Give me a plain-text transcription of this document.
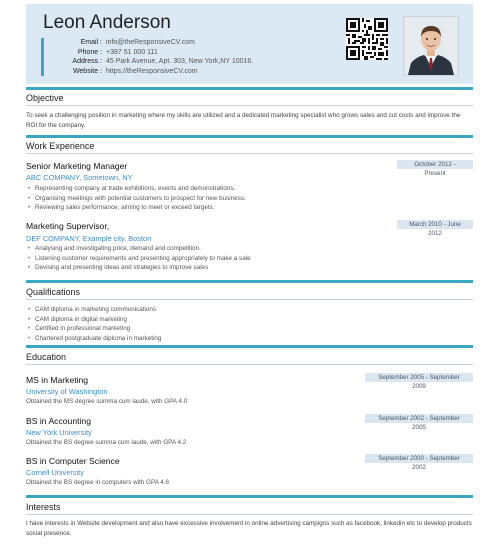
Leon Anderson
Email : info@theResponsiveCV.com
Phone : +387 51 000 111
Address : 45 Park Avenue, Apt. 303, New York,NY 10016.
Website : https://theResponsiveCV.com
Objective
To seek a challenging position in marketing where my skills are utilized and a dedicated marketing specialist who grows sales and cut costs and improve the ROI for the company.
Work Experience
Senior Marketing Manager	October 2012 - Present
ABC COMPANY, Sometown, NY
• Representing company at trade exhibitions, events and demonstrations.
• Organising meetings with potential customers to prospect for new business.
• Reviewing sales performance, aiming to meet or exceed targets.
Marketing Supervisor,	March 2010 - June 2012
DEF COMPANY, Example city, Boston
• Analysing and investigating price, demand and competition.
• Listening customer requirements and presenting appropriately to make a sale
• Devising and presenting ideas and strategies to improve sales
Qualifications
• CAM diploma in marketing communications
• CAM diploma in digital marketing
• Certified in professional marketing
• Chartered postgraduate diploma in marketing
Education
MS in Marketing	September 2005 - September 2009
University of Washington
Obtained the MS degree summa cum laude, with GPA 4.0
BS in Accounting	September 2002 - September 2005
New York University
Obtained the BS degree summa cum laude, with GPA 4.2
BS in Computer Science	September 2000 - September 2002
Cornell University
Obtained the BS degree in computers with GPA 4.6
Interests
I have interests in Website development and also have excessive involvement in online advertising campigns such as facebook, linkedin etc to develop products social presence.
